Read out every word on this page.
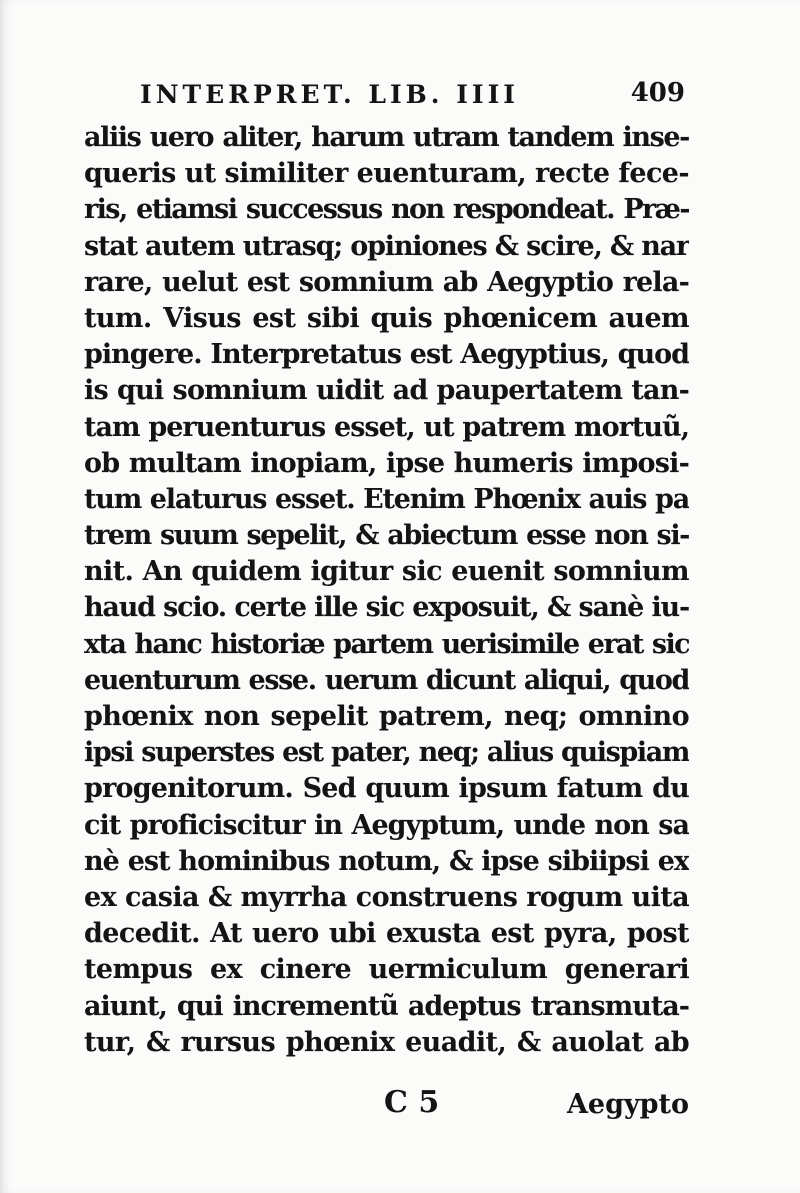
INTERPRET. LIB. IIII	409
aliis uero aliter, harum utram tandem inse-
queris ut similiter euenturam, recte fece-
ris, etiamsi successus non respondeat. Præ-
stat autem utrasq; opiniones & scire, & nar
rare, uelut est somnium ab Aegyptio rela-
tum. Visus est sibi quis phœnicem auem
pingere. Interpretatus est Aegyptius, quod
is qui somnium uidit ad paupertatem tan-
tam peruenturus esset, ut patrem mortuũ,
ob multam inopiam, ipse humeris imposi-
tum elaturus esset. Etenim Phœnix auis pa
trem suum sepelit, & abiectum esse non si-
nit. An quidem igitur sic euenit somnium
haud scio. certe ille sic exposuit, & sanè iu-
xta hanc historiæ partem uerisimile erat sic
euenturum esse. uerum dicunt aliqui, quod
phœnix non sepelit patrem, neq; omnino
ipsi superstes est pater, neq; alius quispiam
progenitorum. Sed quum ipsum fatum du
cit proficiscitur in Aegyptum, unde non sa
nè est hominibus notum, & ipse sibiipsi ex
ex casia & myrrha construens rogum uita
decedit. At uero ubi exusta est pyra, post
tempus ex cinere uermiculum generari
aiunt, qui incrementũ adeptus transmuta-
tur, & rursus phœnix euadit, & auolat ab
C 5	Aegypto
